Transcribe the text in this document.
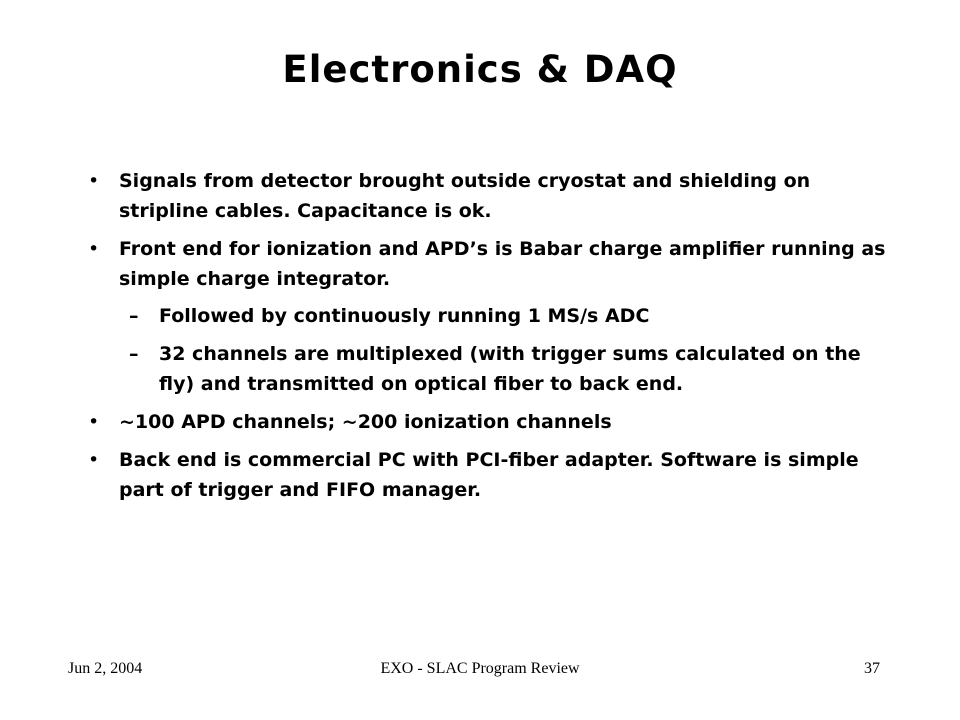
Electronics & DAQ
• Signals from detector brought outside cryostat and shielding on stripline cables. Capacitance is ok.
• Front end for ionization and APD’s is Babar charge amplifier running as simple charge integrator.
– Followed by continuously running 1 MS/s ADC
– 32 channels are multiplexed (with trigger sums calculated on the fly) and transmitted on optical fiber to back end.
• ~100 APD channels; ~200 ionization channels
• Back end is commercial PC with PCI-fiber adapter. Software is simple part of trigger and FIFO manager.
Jun 2, 2004	EXO - SLAC Program Review	37
